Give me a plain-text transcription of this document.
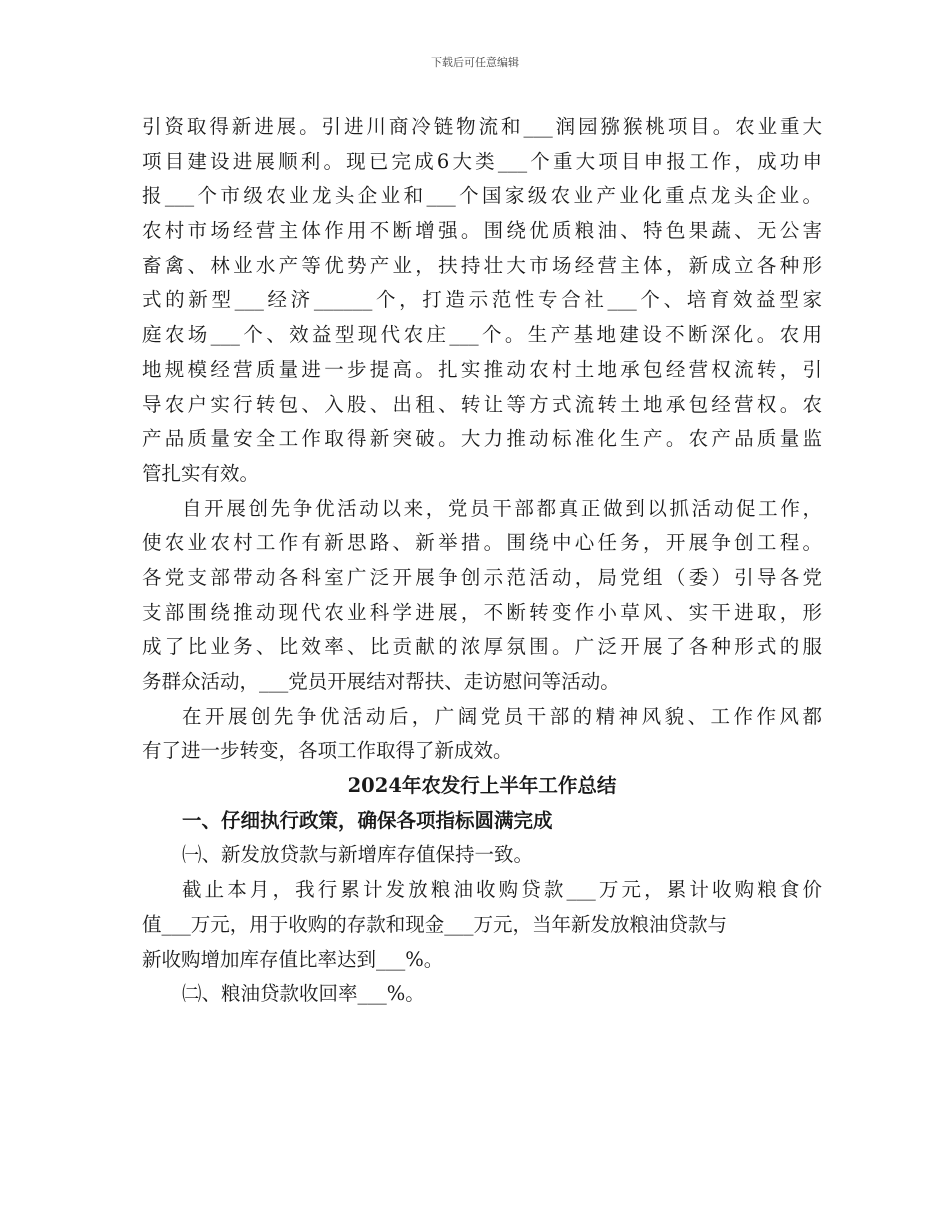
下载后可任意编辑

引资取得新进展。引进川商冷链物流和___润园猕猴桃项目。农业重大

项目建设进展顺利。现已完成6大类___个重大项目申报工作，成功申

报___个市级农业龙头企业和___个国家级农业产业化重点龙头企业。

农村市场经营主体作用不断增强。围绕优质粮油、特色果蔬、无公害

畜禽、林业水产等优势产业，扶持壮大市场经营主体，新成立各种形

式的新型___经济______个，打造示范性专合社___个、培育效益型家

庭农场___个、效益型现代农庄___个。生产基地建设不断深化。农用

地规模经营质量进一步提高。扎实推动农村土地承包经营权流转，引

导农户实行转包、入股、出租、转让等方式流转土地承包经营权。农

产品质量安全工作取得新突破。大力推动标准化生产。农产品质量监

管扎实有效。

自开展创先争优活动以来，党员干部都真正做到以抓活动促工作，

使农业农村工作有新思路、新举措。围绕中心任务，开展争创工程。

各党支部带动各科室广泛开展争创示范活动，局党组（委）引导各党

支部围绕推动现代农业科学进展，不断转变作小草风、实干进取，形

成了比业务、比效率、比贡献的浓厚氛围。广泛开展了各种形式的服

务群众活动，___党员开展结对帮扶、走访慰问等活动。

在开展创先争优活动后，广阔党员干部的精神风貌、工作作风都

有了进一步转变，各项工作取得了新成效。

2024年农发行上半年工作总结

一、仔细执行政策，确保各项指标圆满完成

㈠、新发放贷款与新增库存值保持一致。

截止本月，我行累计发放粮油收购贷款___万元，累计收购粮食价

值___万元，用于收购的存款和现金___万元，当年新发放粮油贷款与

新收购增加库存值比率达到___%。

㈡、粮油贷款收回率___%。
